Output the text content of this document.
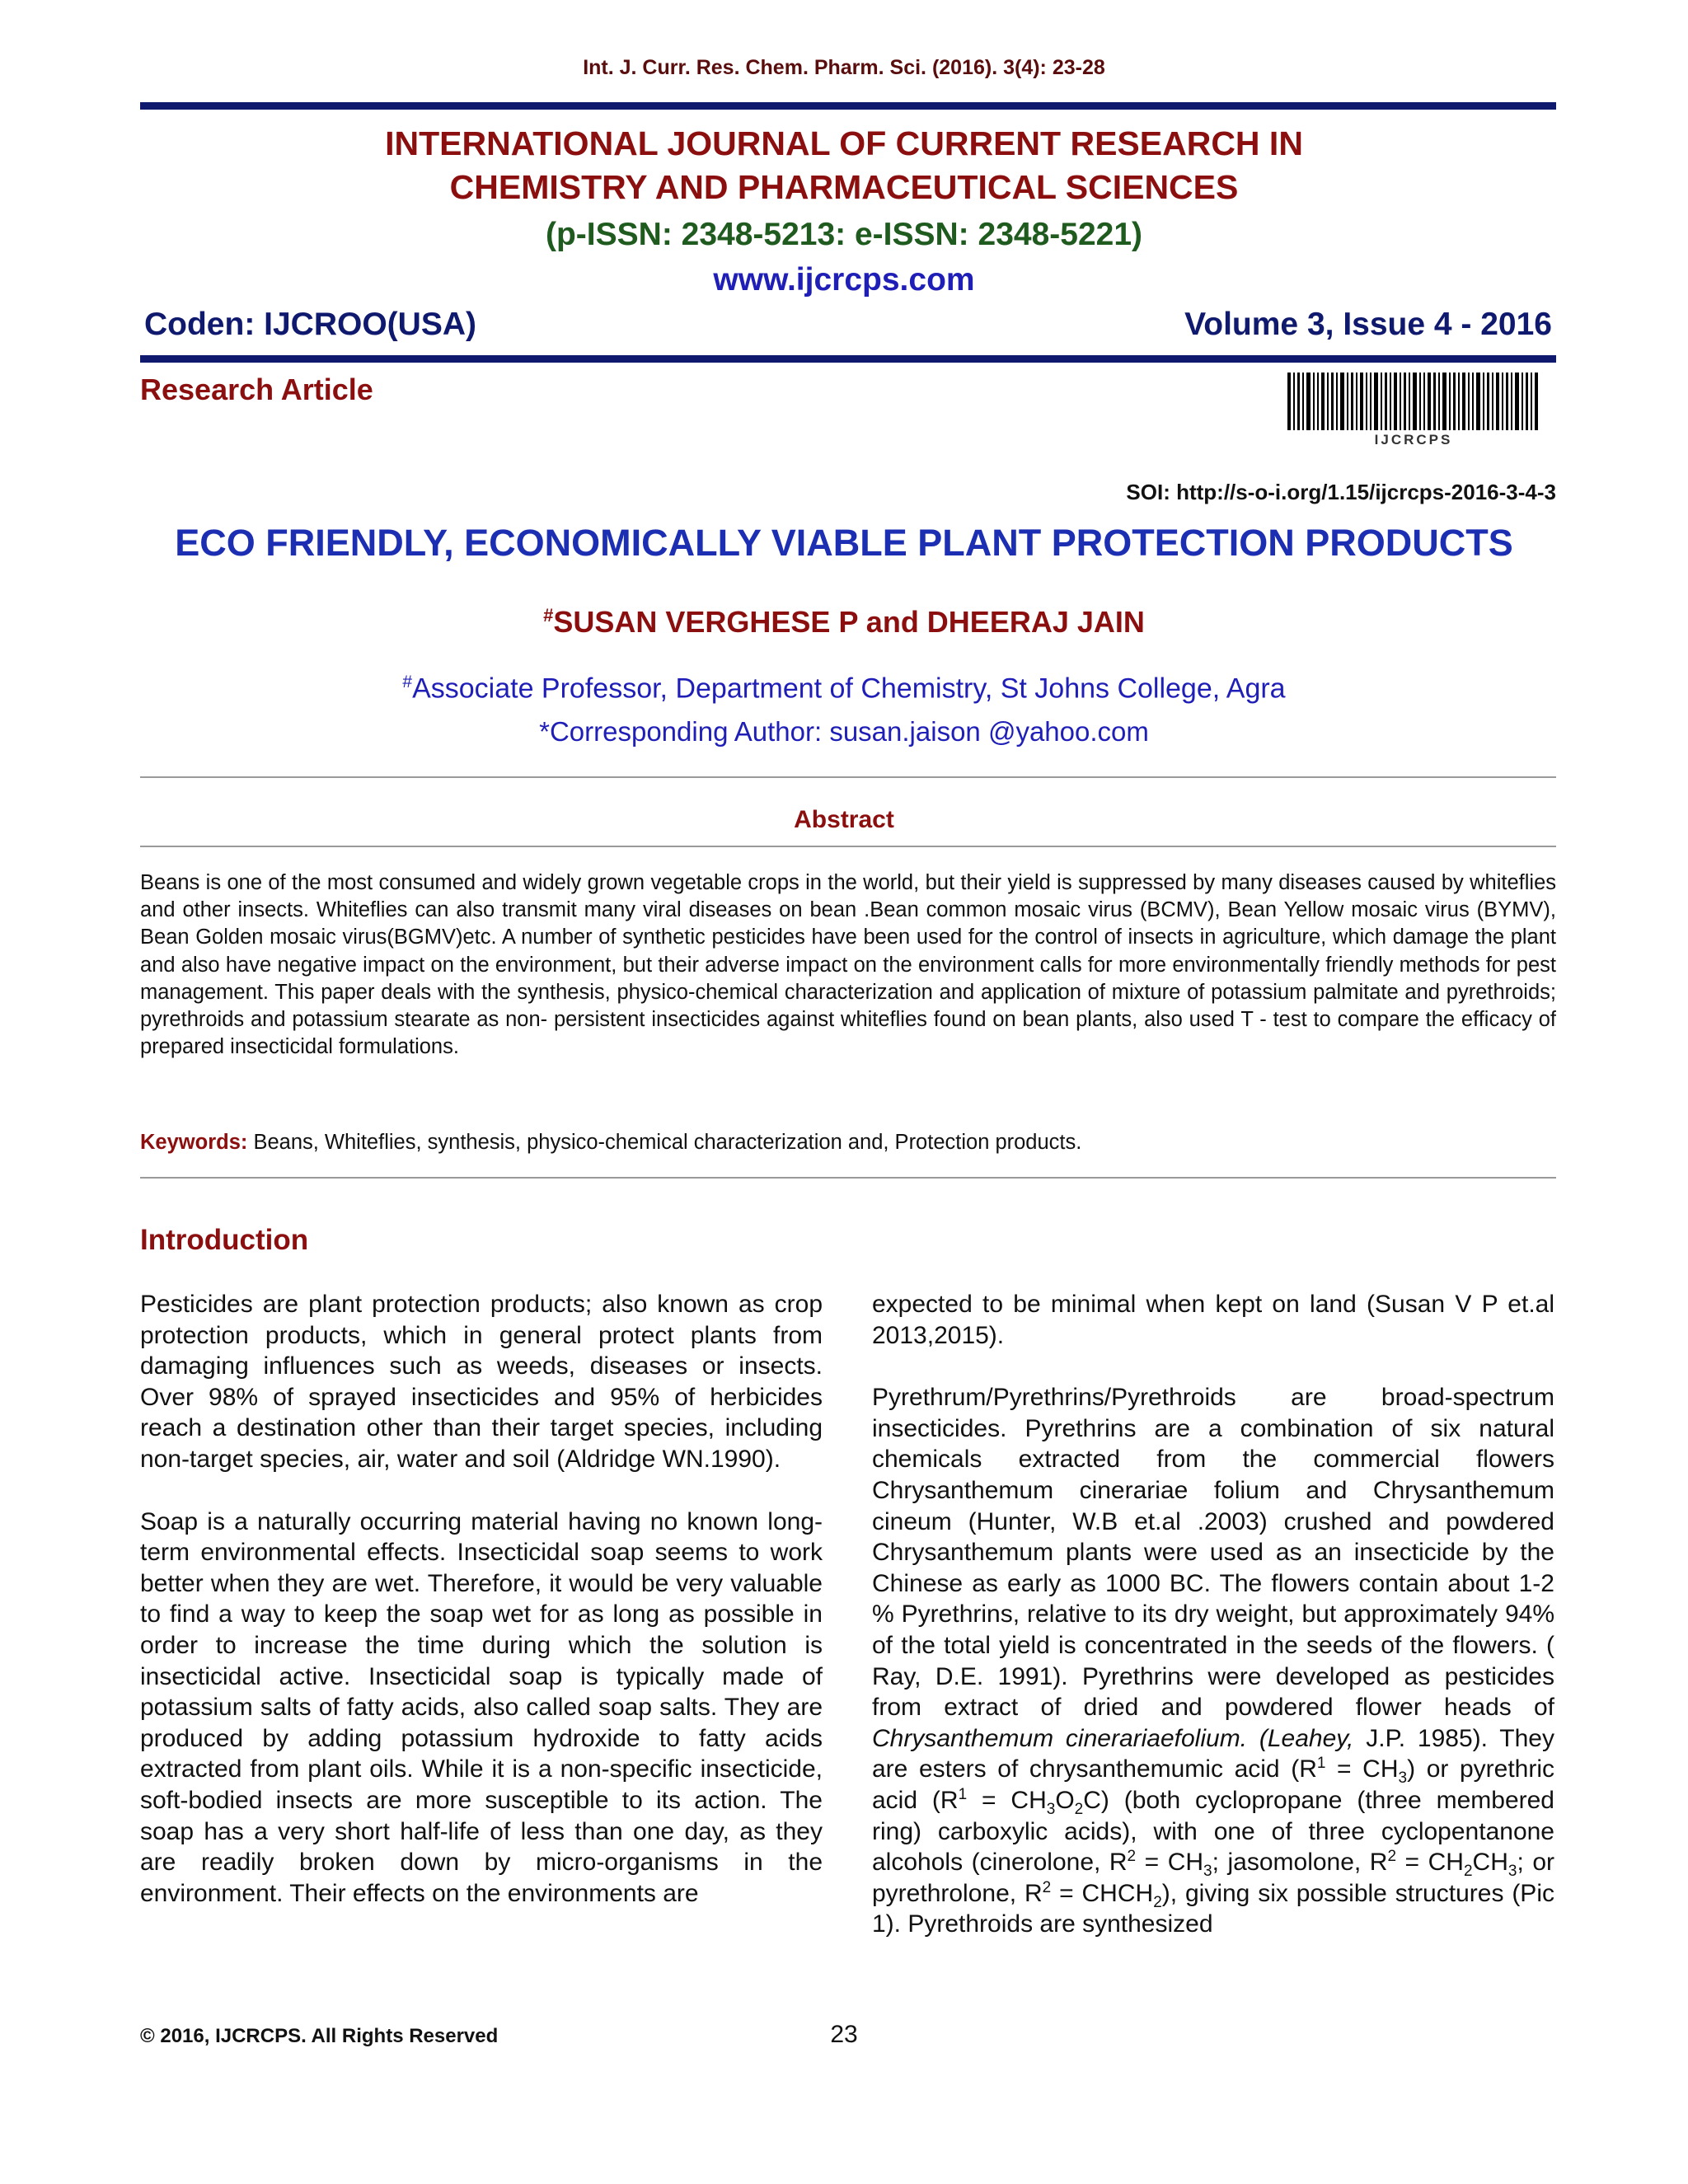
Int. J. Curr. Res. Chem. Pharm. Sci. (2016). 3(4): 23-28
INTERNATIONAL JOURNAL OF CURRENT RESEARCH IN
CHEMISTRY AND PHARMACEUTICAL SCIENCES
(p-ISSN: 2348-5213: e-ISSN: 2348-5221)
www.ijcrcps.com
Coden: IJCROO(USA)	Volume 3, Issue 4 - 2016
Research Article
IJCRCPS
SOI: http://s-o-i.org/1.15/ijcrcps-2016-3-4-3
ECO FRIENDLY, ECONOMICALLY VIABLE PLANT PROTECTION PRODUCTS
#SUSAN VERGHESE P and DHEERAJ JAIN
#Associate Professor, Department of Chemistry, St Johns College, Agra
*Corresponding Author: susan.jaison @yahoo.com
Abstract
Beans is one of the most consumed and widely grown vegetable crops in the world, but their yield is suppressed by many diseases caused by whiteflies and other insects. Whiteflies can also transmit many viral diseases on bean .Bean common mosaic virus (BCMV), Bean Yellow mosaic virus (BYMV), Bean Golden mosaic virus(BGMV)etc. A number of synthetic pesticides have been used for the control of insects in agriculture, which damage the plant and also have negative impact on the environment, but their adverse impact on the environment calls for more environmentally friendly methods for pest management. This paper deals with the synthesis, physico-chemical characterization and application of mixture of potassium palmitate and pyrethroids; pyrethroids and potassium stearate as non- persistent insecticides against whiteflies found on bean plants, also used T - test to compare the efficacy of prepared insecticidal formulations.
Keywords: Beans, Whiteflies, synthesis, physico-chemical characterization and, Protection products.
Introduction

Pesticides are plant protection products; also known as crop protection products, which in general protect plants from damaging influences such as weeds, diseases or insects. Over 98% of sprayed insecticides and 95% of herbicides reach a destination other than their target species, including non-target species, air, water and soil (Aldridge WN.1990).

Soap is a naturally occurring material having no known long-term environmental effects. Insecticidal soap seems to work better when they are wet. Therefore, it would be very valuable to find a way to keep the soap wet for as long as possible in order to increase the time during which the solution is insecticidal active. Insecticidal soap is typically made of potassium salts of fatty acids, also called soap salts. They are produced by adding potassium hydroxide to fatty acids extracted from plant oils. While it is a non-specific insecticide, soft-bodied insects are more susceptible to its action. The soap has a very short half-life of less than one day, as they are readily broken down by micro-organisms in the environment. Their effects on the environments are

expected to be minimal when kept on land (Susan V P et.al 2013,2015).

Pyrethrum/Pyrethrins/Pyrethroids are broad-spectrum insecticides. Pyrethrins are a combination of six natural chemicals extracted from the commercial flowers Chrysanthemum cinerariae folium and Chrysanthemum cineum (Hunter, W.B et.al .2003) crushed and powdered Chrysanthemum plants were used as an insecticide by the Chinese as early as 1000 BC. The flowers contain about 1-2 % Pyrethrins, relative to its dry weight, but approximately 94% of the total yield is concentrated in the seeds of the flowers. ( Ray, D.E. 1991). Pyrethrins were developed as pesticides from extract of dried and powdered flower heads of Chrysanthemum cinerariaefolium. (Leahey, J.P. 1985). They are esters of chrysanthemumic acid $(R^1 = CH_3)$ or pyrethric acid $(R^1 = CH_3O_2C)$ (both cyclopropane (three membered ring) carboxylic acids), with one of three cyclopentanone alcohols (cinerolone, $R^2 = CH_3$; jasomolone, $R^2 = CH_2CH_3$; or pyrethrolone, $R^2$ = $CHCH_2$), giving six possible structures (Pic 1). Pyrethroids are synthesized

© 2016, IJCRCPS. All Rights Reserved	23
